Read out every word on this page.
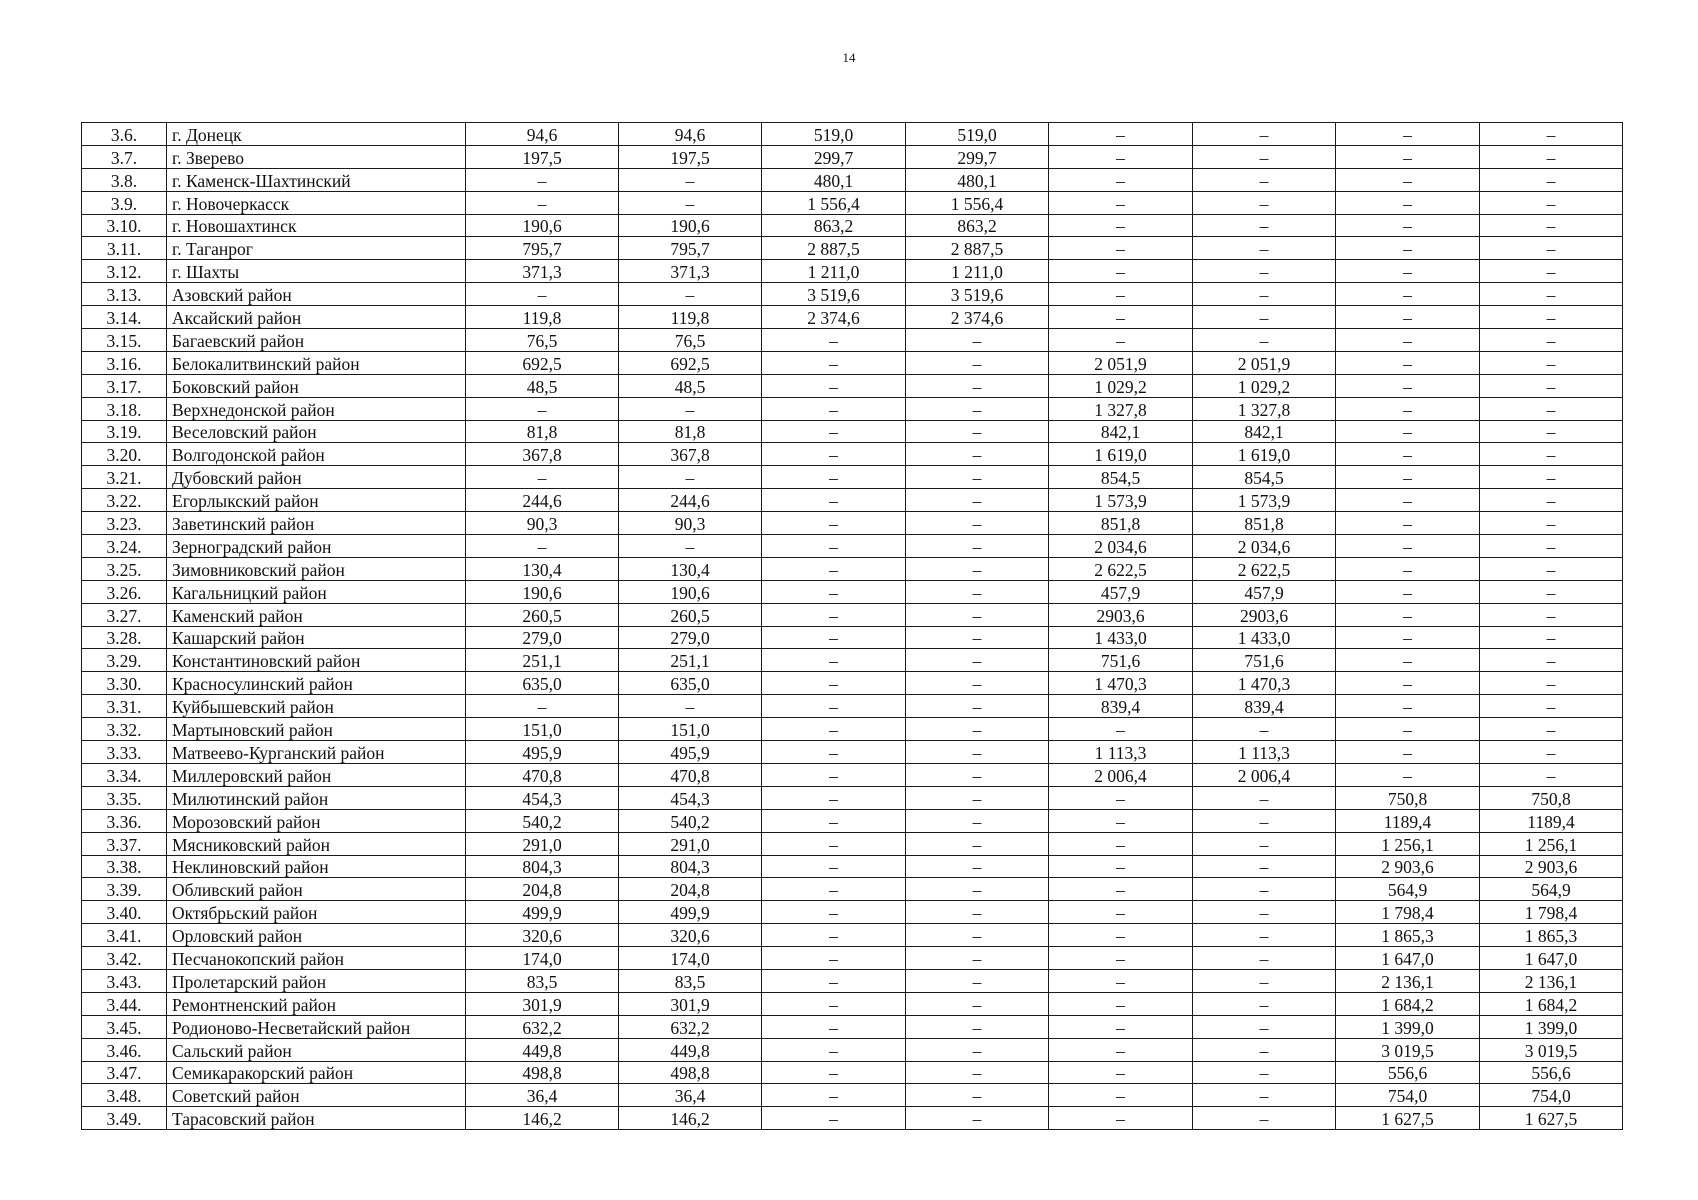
14
3.6.	г. Донецк	94,6	94,6	519,0	519,0	–	–	–	–
3.7.	г. Зверево	197,5	197,5	299,7	299,7	–	–	–	–
3.8.	г. Каменск-Шахтинский	–	–	480,1	480,1	–	–	–	–
3.9.	г. Новочеркасск	–	–	1 556,4	1 556,4	–	–	–	–
3.10.	г. Новошахтинск	190,6	190,6	863,2	863,2	–	–	–	–
3.11.	г. Таганрог	795,7	795,7	2 887,5	2 887,5	–	–	–	–
3.12.	г. Шахты	371,3	371,3	1 211,0	1 211,0	–	–	–	–
3.13.	Азовский район	–	–	3 519,6	3 519,6	–	–	–	–
3.14.	Аксайский район	119,8	119,8	2 374,6	2 374,6	–	–	–	–
3.15.	Багаевский район	76,5	76,5	–	–	–	–	–	–
3.16.	Белокалитвинский район	692,5	692,5	–	–	2 051,9	2 051,9	–	–
3.17.	Боковский район	48,5	48,5	–	–	1 029,2	1 029,2	–	–
3.18.	Верхнедонской район	–	–	–	–	1 327,8	1 327,8	–	–
3.19.	Веселовский район	81,8	81,8	–	–	842,1	842,1	–	–
3.20.	Волгодонской район	367,8	367,8	–	–	1 619,0	1 619,0	–	–
3.21.	Дубовский район	–	–	–	–	854,5	854,5	–	–
3.22.	Егорлыкский район	244,6	244,6	–	–	1 573,9	1 573,9	–	–
3.23.	Заветинский район	90,3	90,3	–	–	851,8	851,8	–	–
3.24.	Зерноградский район	–	–	–	–	2 034,6	2 034,6	–	–
3.25.	Зимовниковский район	130,4	130,4	–	–	2 622,5	2 622,5	–	–
3.26.	Кагальницкий район	190,6	190,6	–	–	457,9	457,9	–	–
3.27.	Каменский район	260,5	260,5	–	–	2903,6	2903,6	–	–
3.28.	Кашарский район	279,0	279,0	–	–	1 433,0	1 433,0	–	–
3.29.	Константиновский район	251,1	251,1	–	–	751,6	751,6	–	–
3.30.	Красносулинский район	635,0	635,0	–	–	1 470,3	1 470,3	–	–
3.31.	Куйбышевский район	–	–	–	–	839,4	839,4	–	–
3.32.	Мартыновский район	151,0	151,0	–	–	–	–	–	–
3.33.	Матвеево-Курганский район	495,9	495,9	–	–	1 113,3	1 113,3	–	–
3.34.	Миллеровский район	470,8	470,8	–	–	2 006,4	2 006,4	–	–
3.35.	Милютинский район	454,3	454,3	–	–	–	–	750,8	750,8
3.36.	Морозовский район	540,2	540,2	–	–	–	–	1189,4	1189,4
3.37.	Мясниковский район	291,0	291,0	–	–	–	–	1 256,1	1 256,1
3.38.	Неклиновский район	804,3	804,3	–	–	–	–	2 903,6	2 903,6
3.39.	Обливский район	204,8	204,8	–	–	–	–	564,9	564,9
3.40.	Октябрьский район	499,9	499,9	–	–	–	–	1 798,4	1 798,4
3.41.	Орловский район	320,6	320,6	–	–	–	–	1 865,3	1 865,3
3.42.	Песчанокопский район	174,0	174,0	–	–	–	–	1 647,0	1 647,0
3.43.	Пролетарский район	83,5	83,5	–	–	–	–	2 136,1	2 136,1
3.44.	Ремонтненский район	301,9	301,9	–	–	–	–	1 684,2	1 684,2
3.45.	Родионово-Несветайский район	632,2	632,2	–	–	–	–	1 399,0	1 399,0
3.46.	Сальский район	449,8	449,8	–	–	–	–	3 019,5	3 019,5
3.47.	Семикаракорский район	498,8	498,8	–	–	–	–	556,6	556,6
3.48.	Советский район	36,4	36,4	–	–	–	–	754,0	754,0
3.49.	Тарасовский район	146,2	146,2	–	–	–	–	1 627,5	1 627,5
